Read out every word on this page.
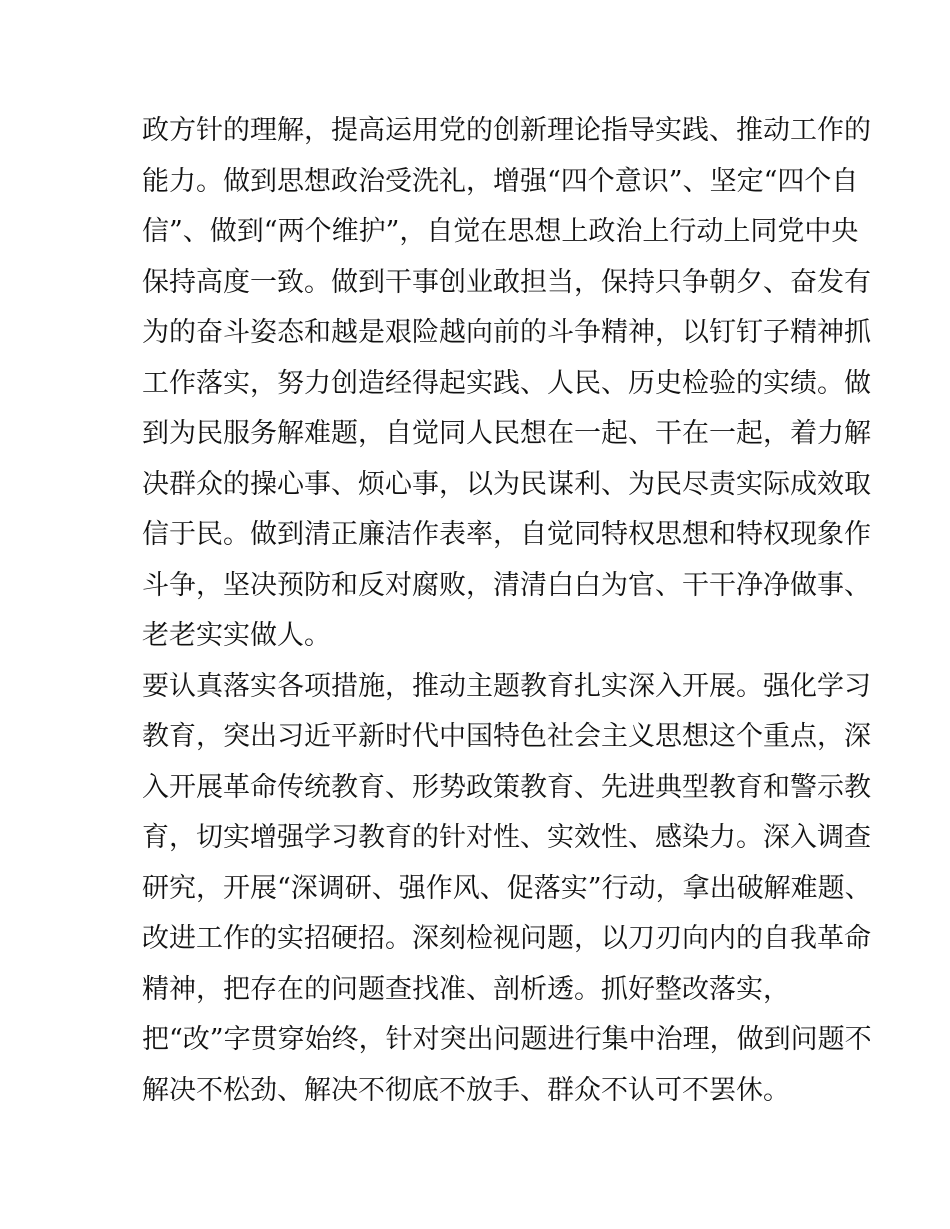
政方针的理解，提高运用党的创新理论指导实践、推动工作的
能力。做到思想政治受洗礼，增强“四个意识”、坚定“四个自
信”、做到“两个维护”，自觉在思想上政治上行动上同党中央
保持高度一致。做到干事创业敢担当，保持只争朝夕、奋发有
为的奋斗姿态和越是艰险越向前的斗争精神，以钉钉子精神抓
工作落实，努力创造经得起实践、人民、历史检验的实绩。做
到为民服务解难题，自觉同人民想在一起、干在一起，着力解
决群众的操心事、烦心事，以为民谋利、为民尽责实际成效取
信于民。做到清正廉洁作表率，自觉同特权思想和特权现象作
斗争，坚决预防和反对腐败，清清白白为官、干干净净做事、
老老实实做人。
要认真落实各项措施，推动主题教育扎实深入开展。强化学习
教育，突出习近平新时代中国特色社会主义思想这个重点，深
入开展革命传统教育、形势政策教育、先进典型教育和警示教
育，切实增强学习教育的针对性、实效性、感染力。深入调查
研究，开展“深调研、强作风、促落实”行动，拿出破解难题、
改进工作的实招硬招。深刻检视问题，以刀刃向内的自我革命
精神，把存在的问题查找准、剖析透。抓好整改落实，
把“改”字贯穿始终，针对突出问题进行集中治理，做到问题不
解决不松劲、解决不彻底不放手、群众不认可不罢休。
